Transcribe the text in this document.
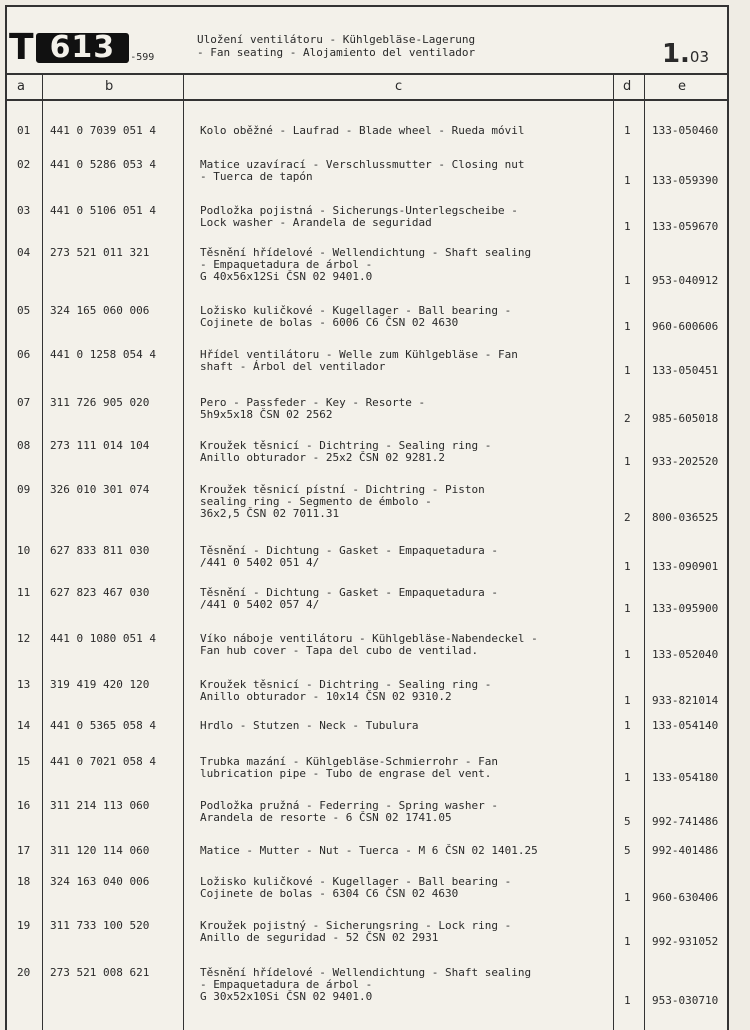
T 613	-599
Uložení ventilátoru - Kühlgebläse-Lagerung
- Fan seating - Alojamiento del ventilador	1.03
a	b	c	d	e
01 441 0 7039 051 4	Kolo oběžné - Laufrad - Blade wheel - Rueda móvil	1 133-050460
02 441 0 5286 053 4	Matice uzavírací - Verschlussmutter - Closing nut
- Tuerca de tapón	1 133-059390
03 441 0 5106 051 4	Podložka pojistná - Sicherungs-Unterlegscheibe -
Lock washer - Arandela de seguridad	1 133-059670
04 273 521 011 321	Těsnění hřídelové - Wellendichtung - Shaft sealing
- Empaquetadura de árbol -
G 40x56x12Si ČSN 02 9401.0	1 953-040912
05 324 165 060 006	Ložisko kuličkové - Kugellager - Ball bearing -
Cojinete de bolas - 6006 C6 ČSN 02 4630	1 960-600606
06 441 0 1258 054 4	Hřídel ventilátoru - Welle zum Kühlgebläse - Fan
shaft - Árbol del ventilador	1 133-050451
07 311 726 905 020	Pero - Passfeder - Key - Resorte -
5h9x5x18 ČSN 02 2562	2 985-605018
08 273 111 014 104	Kroužek těsnicí - Dichtring - Sealing ring -
Anillo obturador - 25x2 ČSN 02 9281.2	1 933-202520
09 326 010 301 074	Kroužek těsnicí pístní - Dichtring - Piston
sealing ring - Segmento de émbolo -
36x2,5 ČSN 02 7011.31	2 800-036525
10 627 833 811 030	Těsnění - Dichtung - Gasket - Empaquetadura -
/441 0 5402 051 4/	1 133-090901
11 627 823 467 030	Těsnění - Dichtung - Gasket - Empaquetadura -
/441 0 5402 057 4/	1 133-095900
12 441 0 1080 051 4	Víko náboje ventilátoru - Kühlgebläse-Nabendeckel -
Fan hub cover - Tapa del cubo de ventilad.	1 133-052040
13 319 419 420 120	Kroužek těsnicí - Dichtring - Sealing ring -
Anillo obturador - 10x14 ČSN 02 9310.2	1 933-821014
14 441 0 5365 058 4	Hrdlo - Stutzen - Neck - Tubulura	1 133-054140
15 441 0 7021 058 4	Trubka mazání - Kühlgebläse-Schmierrohr - Fan
lubrication pipe - Tubo de engrase del vent.	1 133-054180
16 311 214 113 060	Podložka pružná - Federring - Spring washer -
Arandela de resorte - 6 ČSN 02 1741.05	5 992-741486
17 311 120 114 060	Matice - Mutter - Nut - Tuerca - M 6 ČSN 02 1401.25	5 992-401486
18 324 163 040 006	Ložisko kuličkové - Kugellager - Ball bearing -
Cojinete de bolas - 6304 C6 ČSN 02 4630	1 960-630406
19 311 733 100 520	Kroužek pojistný - Sicherungsring - Lock ring -
Anillo de seguridad - 52 ČSN 02 2931	1 992-931052
20 273 521 008 621	Těsnění hřídelové - Wellendichtung - Shaft sealing
- Empaquetadura de árbol -
G 30x52x10Si ČSN 02 9401.0	1 953-030710
